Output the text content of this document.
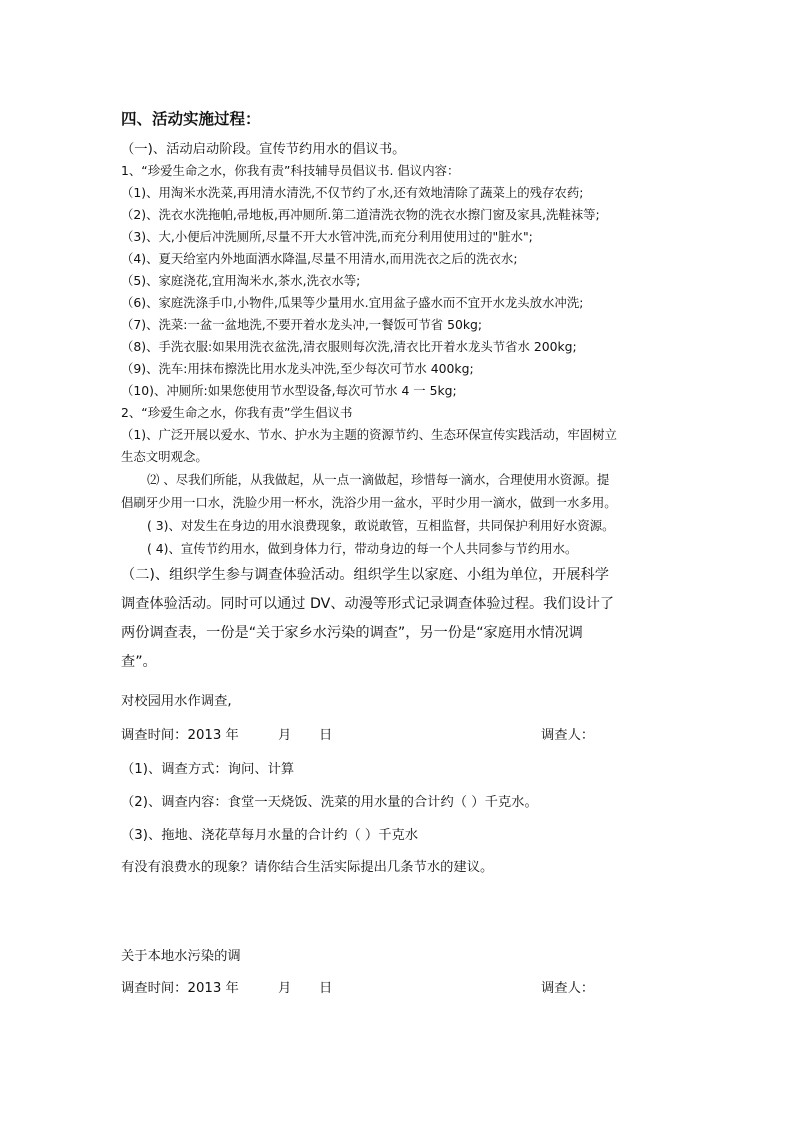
四、活动实施过程：
（一)、活动启动阶段。宣传节约用水的倡议书。
1、“珍爱生命之水，你我有责”科技辅导员倡议书. 倡议内容：
（1)、用淘米水洗菜,再用清水清洗,不仅节约了水,还有效地清除了蔬菜上的残存农药;
（2)、洗衣水洗拖帕,帚地板,再冲厕所.第二道清洗衣物的洗衣水擦门窗及家具,洗鞋袜等;
（3)、大,小便后冲洗厕所,尽量不开大水管冲洗,而充分利用使用过的"脏水";
（4)、夏天给室内外地面洒水降温,尽量不用清水,而用洗衣之后的洗衣水;
（5)、家庭浇花,宜用淘米水,茶水,洗衣水等;
（6)、家庭洗涤手巾,小物件,瓜果等少量用水.宜用盆子盛水而不宜开水龙头放水冲洗;
（7)、洗菜:一盆一盆地洗,不要开着水龙头冲,一餐饭可节省 50kg;
（8)、手洗衣服:如果用洗衣盆洗,清衣服则每次洗,清衣比开着水龙头节省水 200kg;
（9)、洗车:用抹布擦洗比用水龙头冲洗,至少每次可节水 400kg;
（10)、冲厕所:如果您使用节水型设备,每次可节水 4 一 5kg;
2、“珍爱生命之水，你我有责”学生倡议书
（1)、广泛开展以爱水、节水、护水为主题的资源节约、生态环保宣传实践活动，牢固树立
生态文明观念。
⑵ 、尽我们所能，从我做起，从一点一滴做起，珍惜每一滴水，合理使用水资源。提
倡刷牙少用一口水，洗脸少用一杯水，洗浴少用一盆水，平时少用一滴水，做到一水多用。
( 3)、对发生在身边的用水浪费现象，敢说敢管，互相监督，共同保护利用好水资源。
( 4)、宣传节约用水，做到身体力行，带动身边的每一个人共同参与节约用水。
（二)、组织学生参与调查体验活动。组织学生以家庭、小组为单位，开展科学
调查体验活动。同时可以通过 DV、动漫等形式记录调查体验过程。我们设计了
两份调查表，一份是“关于家乡水污染的调查”，另一份是“家庭用水情况调
查”。
对校园用水作调查,
调查时间：2013 年	月 日	调查人：
（1)、调查方式：询问、计算
（2)、调查内容：食堂一天烧饭、洗菜的用水量的合计约（ ）千克水。
（3)、拖地、浇花草每月水量的合计约（ ）千克水
有没有浪费水的现象？请你结合生活实际提出几条节水的建议。
关于本地水污染的调
调查时间：2013 年	月 日	调查人：
